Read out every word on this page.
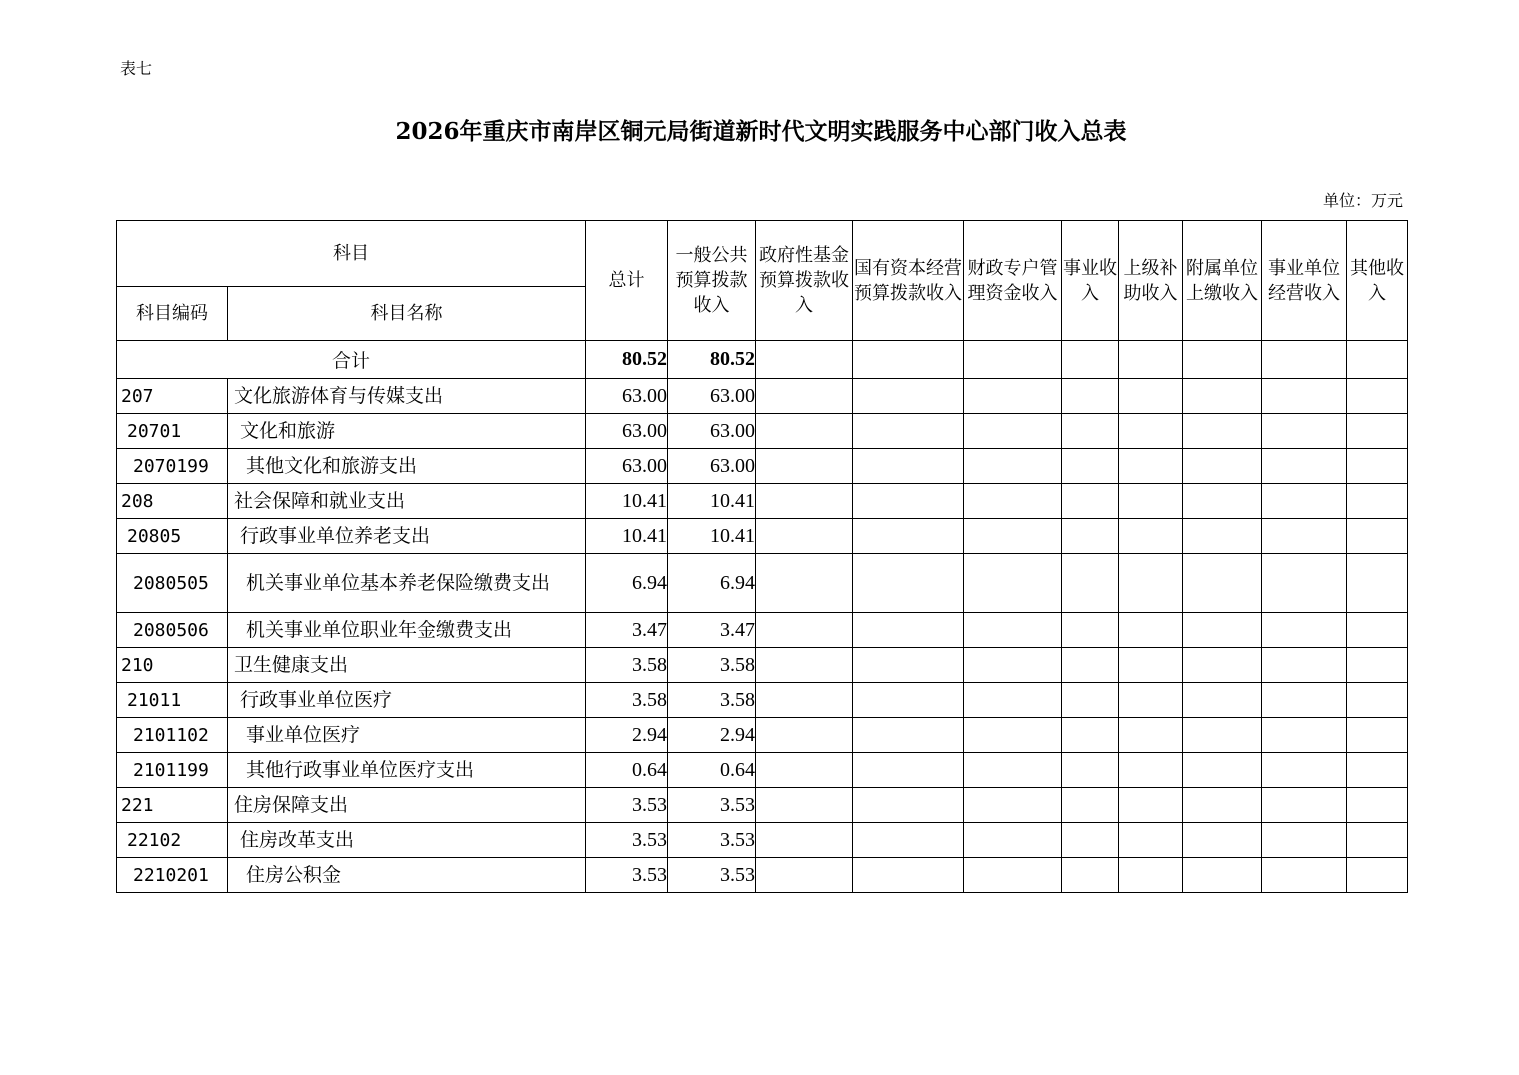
表七
2026年重庆市南岸区铜元局街道新时代文明实践服务中心部门收入总表
单位：万元
科目		总计	一般公共预算拨款收入	政府性基金预算拨款收入	国有资本经营预算拨款收入	财政专户管理资金收入	事业收入	上级补助收入	附属单位上缴收入	事业单位经营收入	其他收入
科目编码	科目名称										
合计		80.52	80.52								
207	文化旅游体育与传媒支出	63.00	63.00								
20701	文化和旅游	63.00	63.00								
2070199	其他文化和旅游支出	63.00	63.00								
208	社会保障和就业支出	10.41	10.41								
20805	行政事业单位养老支出	10.41	10.41								
2080505	机关事业单位基本养老保险缴费支出	6.94	6.94								
2080506	机关事业单位职业年金缴费支出	3.47	3.47								
210	卫生健康支出	3.58	3.58								
21011	行政事业单位医疗	3.58	3.58								
2101102	事业单位医疗	2.94	2.94								
2101199	其他行政事业单位医疗支出	0.64	0.64								
221	住房保障支出	3.53	3.53								
22102	住房改革支出	3.53	3.53								
2210201	住房公积金	3.53	3.53								
